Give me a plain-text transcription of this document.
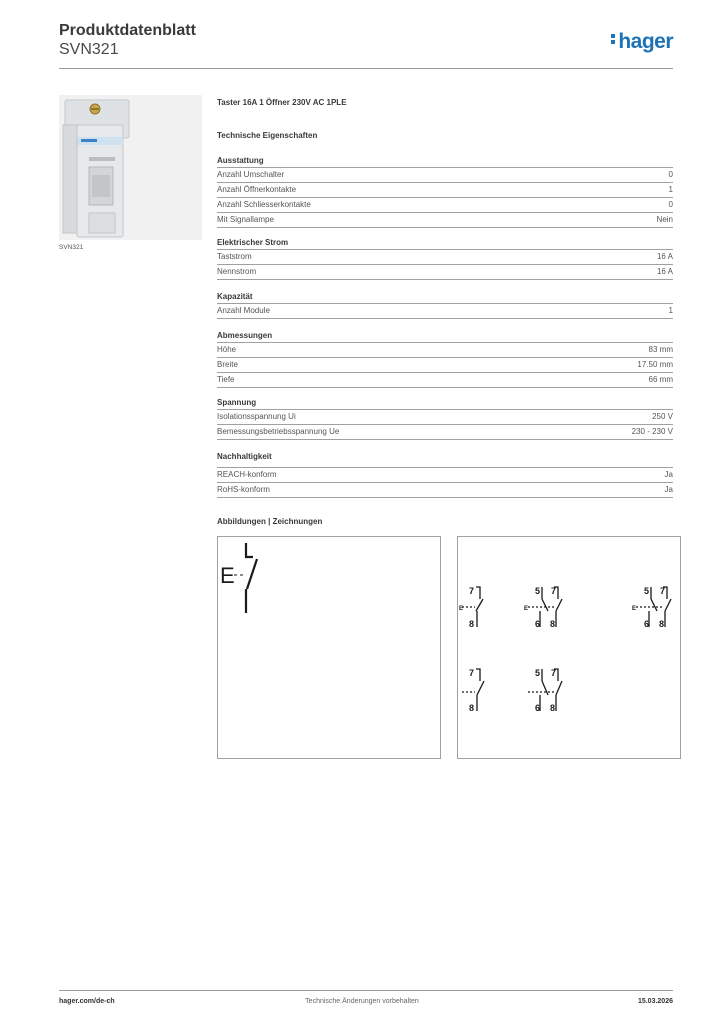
Produktdatenblatt
SVN321	hager
SVN321
Taster 16A 1 Öffner 230V AC 1PLE
Technische Eigenschaften
Ausstattung
Anzahl Umschalter	0
Anzahl Öffnerkontakte	1
Anzahl Schliesserkontakte	0
Mit Signallampe	Nein
Elektrischer Strom
Taststrom	16 A
Nennstrom	16 A
Kapazität
Anzahl Module	1
Abmessungen
Höhe	83 mm
Breite	17.50 mm
Tiefe	66 mm
Spannung
Isolationsspannung Ui	250 V
Bemessungsbetriebsspannung Ue	230 - 230 V
Nachhaltigkeit
REACH-konform	Ja
RoHS-konform	Ja
Abbildungen | Zeichnungen
E
7
8
E
5
6
7
8
E
5
6
7
8
E
7
8
5
6
7
8
hager.com/de-ch	Technische Änderungen vorbehalten	15.03.2026
